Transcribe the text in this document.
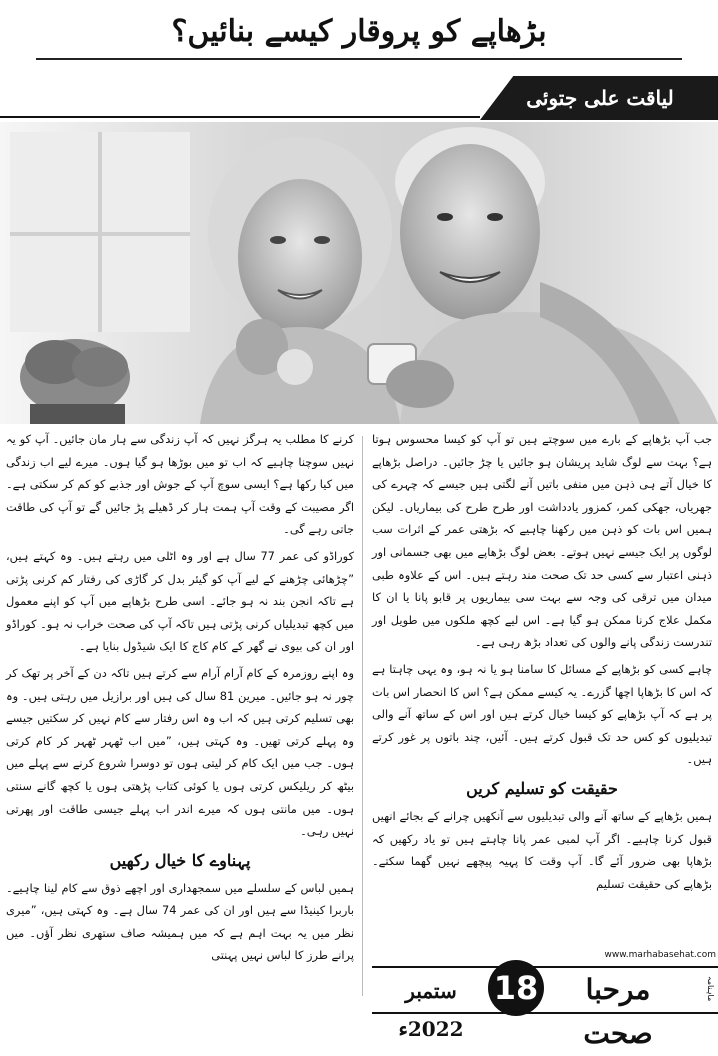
بڑھاپے کو پروقار کیسے بنائیں؟
لیاقت علی جتوئی

جب آپ بڑھاپے کے بارے میں سوچتے ہیں تو آپ کو کیسا محسوس ہوتا ہے؟ بہت سے لوگ شاید پریشان ہو جائیں یا چڑ جائیں۔ دراصل بڑھاپے کا خیال آتے ہی ذہن میں منفی باتیں آنے لگتی ہیں جیسے کہ چہرے کی جھریاں، جھکی کمر، کمزور یادداشت اور طرح طرح کی بیماریاں۔ لیکن ہمیں اس بات کو ذہن میں رکھنا چاہیے کہ بڑھتی عمر کے اثرات سب لوگوں پر ایک جیسے نہیں ہوتے۔ بعض لوگ بڑھاپے میں بھی جسمانی اور ذہنی اعتبار سے کسی حد تک صحت مند رہتے ہیں۔ اس کے علاوہ طبی میدان میں ترقی کی وجہ سے بہت سی بیماریوں پر قابو پانا یا ان کا مکمل علاج کرنا ممکن ہو گیا ہے۔ اس لیے کچھ ملکوں میں طویل اور تندرست زندگی پانے والوں کی تعداد بڑھ رہی ہے۔

چاہے کسی کو بڑھاپے کے مسائل کا سامنا ہو یا نہ ہو، وہ یہی چاہتا ہے کہ اس کا بڑھاپا اچھا گزرے۔ یہ کیسے ممکن ہے؟ اس کا انحصار اس بات پر ہے کہ آپ بڑھاپے کو کیسا خیال کرتے ہیں اور اس کے ساتھ آنے والی تبدیلیوں کو کس حد تک قبول کرتے ہیں۔ آئیں، چند باتوں پر غور کرتے ہیں۔

حقیقت کو تسلیم کریں

ہمیں بڑھاپے کے ساتھ آنے والی تبدیلیوں سے آنکھیں چرانے کے بجائے انھیں قبول کرنا چاہیے۔ اگر آپ لمبی عمر پانا چاہتے ہیں تو یاد رکھیں کہ بڑھاپا بھی ضرور آئے گا۔ آپ وقت کا پہیہ پیچھے نہیں گھما سکتے۔ بڑھاپے کی حقیقت تسلیم

کرنے کا مطلب یہ ہرگز نہیں کہ آپ زندگی سے ہار مان جائیں۔ آپ کو یہ نہیں سوچنا چاہیے کہ اب تو میں بوڑھا ہو گیا ہوں۔ میرے لیے اب زندگی میں کیا رکھا ہے؟ ایسی سوچ آپ کے جوش اور جذبے کو کم کر سکتی ہے۔ اگر مصیبت کے وقت آپ ہمت ہار کر ڈھیلے پڑ جائیں گے تو آپ کی طاقت جاتی رہے گی۔

کوراڈو کی عمر 77 سال ہے اور وہ اٹلی میں رہتے ہیں۔ وہ کہتے ہیں، ”چڑھائی چڑھنے کے لیے آپ کو گیئر بدل کر گاڑی کی رفتار کم کرنی پڑتی ہے تاکہ انجن بند نہ ہو جائے۔ اسی طرح بڑھاپے میں آپ کو اپنے معمول میں کچھ تبدیلیاں کرنی پڑتی ہیں تاکہ آپ کی صحت خراب نہ ہو۔ کوراڈو اور ان کی بیوی نے گھر کے کام کاج کا ایک شیڈول بنایا ہے۔

وہ اپنے روزمرہ کے کام آرام آرام سے کرتے ہیں تاکہ دن کے آخر پر تھک کر چور نہ ہو جائیں۔ میرین 81 سال کی ہیں اور برازیل میں رہتی ہیں۔ وہ بھی تسلیم کرتی ہیں کہ اب وہ اس رفتار سے کام نہیں کر سکتیں جیسے وہ پہلے کرتی تھیں۔ وہ کہتی ہیں، ”میں اب ٹھہر ٹھہر کر کام کرتی ہوں۔ جب میں ایک کام کر لیتی ہوں تو دوسرا شروع کرنے سے پہلے میں بیٹھ کر ریلیکس کرتی ہوں یا کوئی کتاب پڑھتی ہوں یا کچھ گانے سنتی ہوں۔ میں مانتی ہوں کہ میرے اندر اب پہلے جیسی طاقت اور پھرتی نہیں رہی۔

پہناوے کا خیال رکھیں

ہمیں لباس کے سلسلے میں سمجھداری اور اچھے ذوق سے کام لینا چاہیے۔ باربرا کینیڈا سے ہیں اور ان کی عمر 74 سال ہے۔ وہ کہتی ہیں، ”میری نظر میں یہ بہت اہم ہے کہ میں ہمیشہ صاف ستھری نظر آؤں۔ میں پرانے طرز کا لباس نہیں پہنتی	www.marhabasehat.com
ستمبر 2022ء
18	مرحبا صحت
ماہنامہ
